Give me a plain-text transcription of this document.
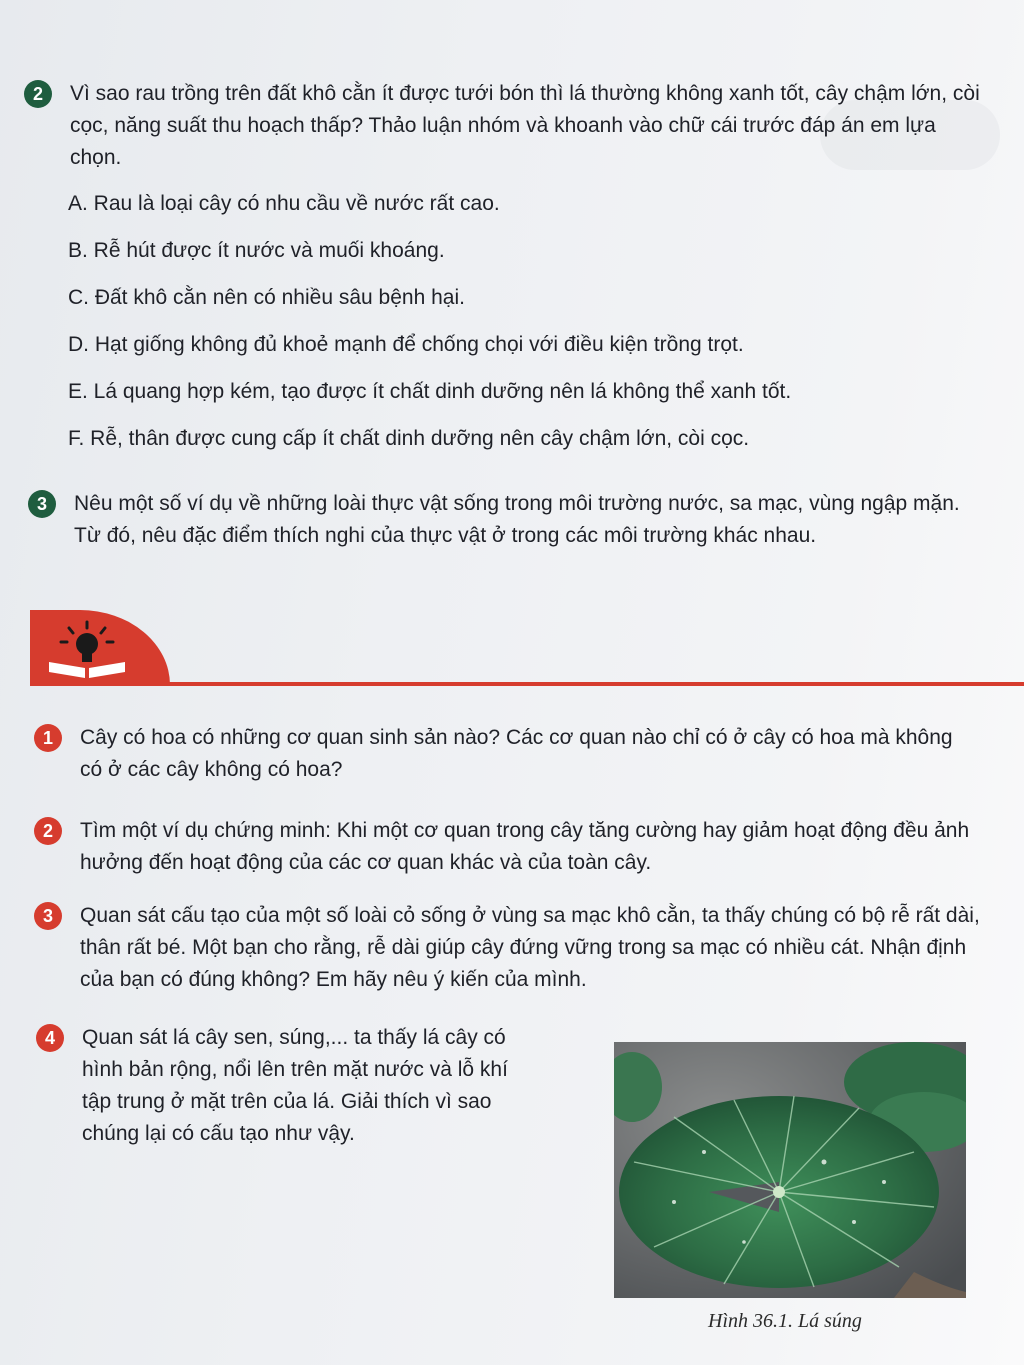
2	Vì sao rau trồng trên đất khô cằn ít được tưới bón thì lá thường không xanh tốt, cây chậm lớn, còi cọc, năng suất thu hoạch thấp? Thảo luận nhóm và khoanh vào chữ cái trước đáp án em lựa chọn.
A. Rau là loại cây có nhu cầu về nước rất cao.
B. Rễ hút được ít nước và muối khoáng.
C. Đất khô cằn nên có nhiều sâu bệnh hại.
D. Hạt giống không đủ khoẻ mạnh để chống chọi với điều kiện trồng trọt.
E. Lá quang hợp kém, tạo được ít chất dinh dưỡng nên lá không thể xanh tốt.
F. Rễ, thân được cung cấp ít chất dinh dưỡng nên cây chậm lớn, còi cọc.
3	Nêu một số ví dụ về những loài thực vật sống trong môi trường nước, sa mạc, vùng ngập mặn. Từ đó, nêu đặc điểm thích nghi của thực vật ở trong các môi trường khác nhau.
1	Cây có hoa có những cơ quan sinh sản nào? Các cơ quan nào chỉ có ở cây có hoa mà không có ở các cây không có hoa?
2	Tìm một ví dụ chứng minh: Khi một cơ quan trong cây tăng cường hay giảm hoạt động đều ảnh hưởng đến hoạt động của các cơ quan khác và của toàn cây.
3	Quan sát cấu tạo của một số loài cỏ sống ở vùng sa mạc khô cằn, ta thấy chúng có bộ rễ rất dài, thân rất bé. Một bạn cho rằng, rễ dài giúp cây đứng vững trong sa mạc có nhiều cát. Nhận định của bạn có đúng không? Em hãy nêu ý kiến của mình.
4	Quan sát lá cây sen, súng,... ta thấy lá cây có hình bản rộng, nổi lên trên mặt nước và lỗ khí tập trung ở mặt trên của lá. Giải thích vì sao chúng lại có cấu tạo như vậy.
Hình 36.1. Lá súng
